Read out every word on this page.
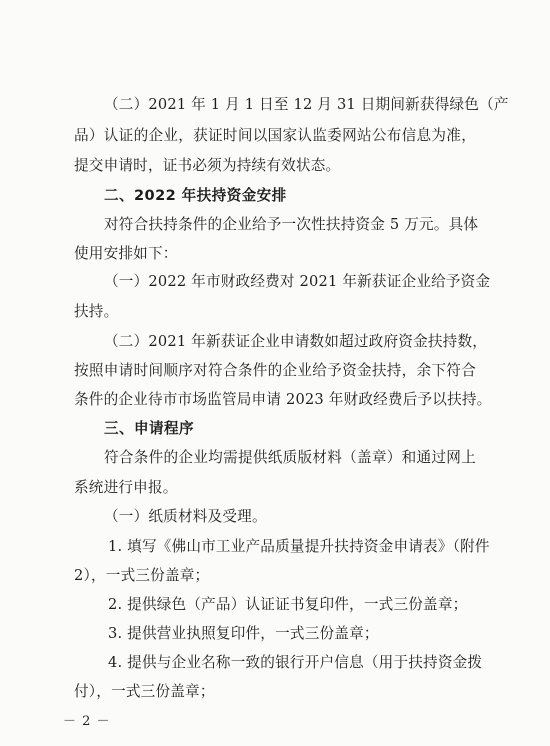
（二）2021 年 1 月 1 日至 12 月 31 日期间新获得绿色（产
品）认证的企业，获证时间以国家认监委网站公布信息为准，
提交申请时，证书必须为持续有效状态。
二、2022 年扶持资金安排
对符合扶持条件的企业给予一次性扶持资金 5 万元。具体
使用安排如下：
（一）2022 年市财政经费对 2021 年新获证企业给予资金
扶持。
（二）2021 年新获证企业申请数如超过政府资金扶持数，
按照申请时间顺序对符合条件的企业给予资金扶持，余下符合
条件的企业待市市场监管局申请 2023 年财政经费后予以扶持。
三、申请程序
符合条件的企业均需提供纸质版材料（盖章）和通过网上
系统进行申报。
（一）纸质材料及受理。
1. 填写《佛山市工业产品质量提升扶持资金申请表》（附件
2），一式三份盖章；
2. 提供绿色（产品）认证证书复印件，一式三份盖章；
3. 提供营业执照复印件，一式三份盖章；
4. 提供与企业名称一致的银行开户信息（用于扶持资金拨
付），一式三份盖章；
－ 2 －
